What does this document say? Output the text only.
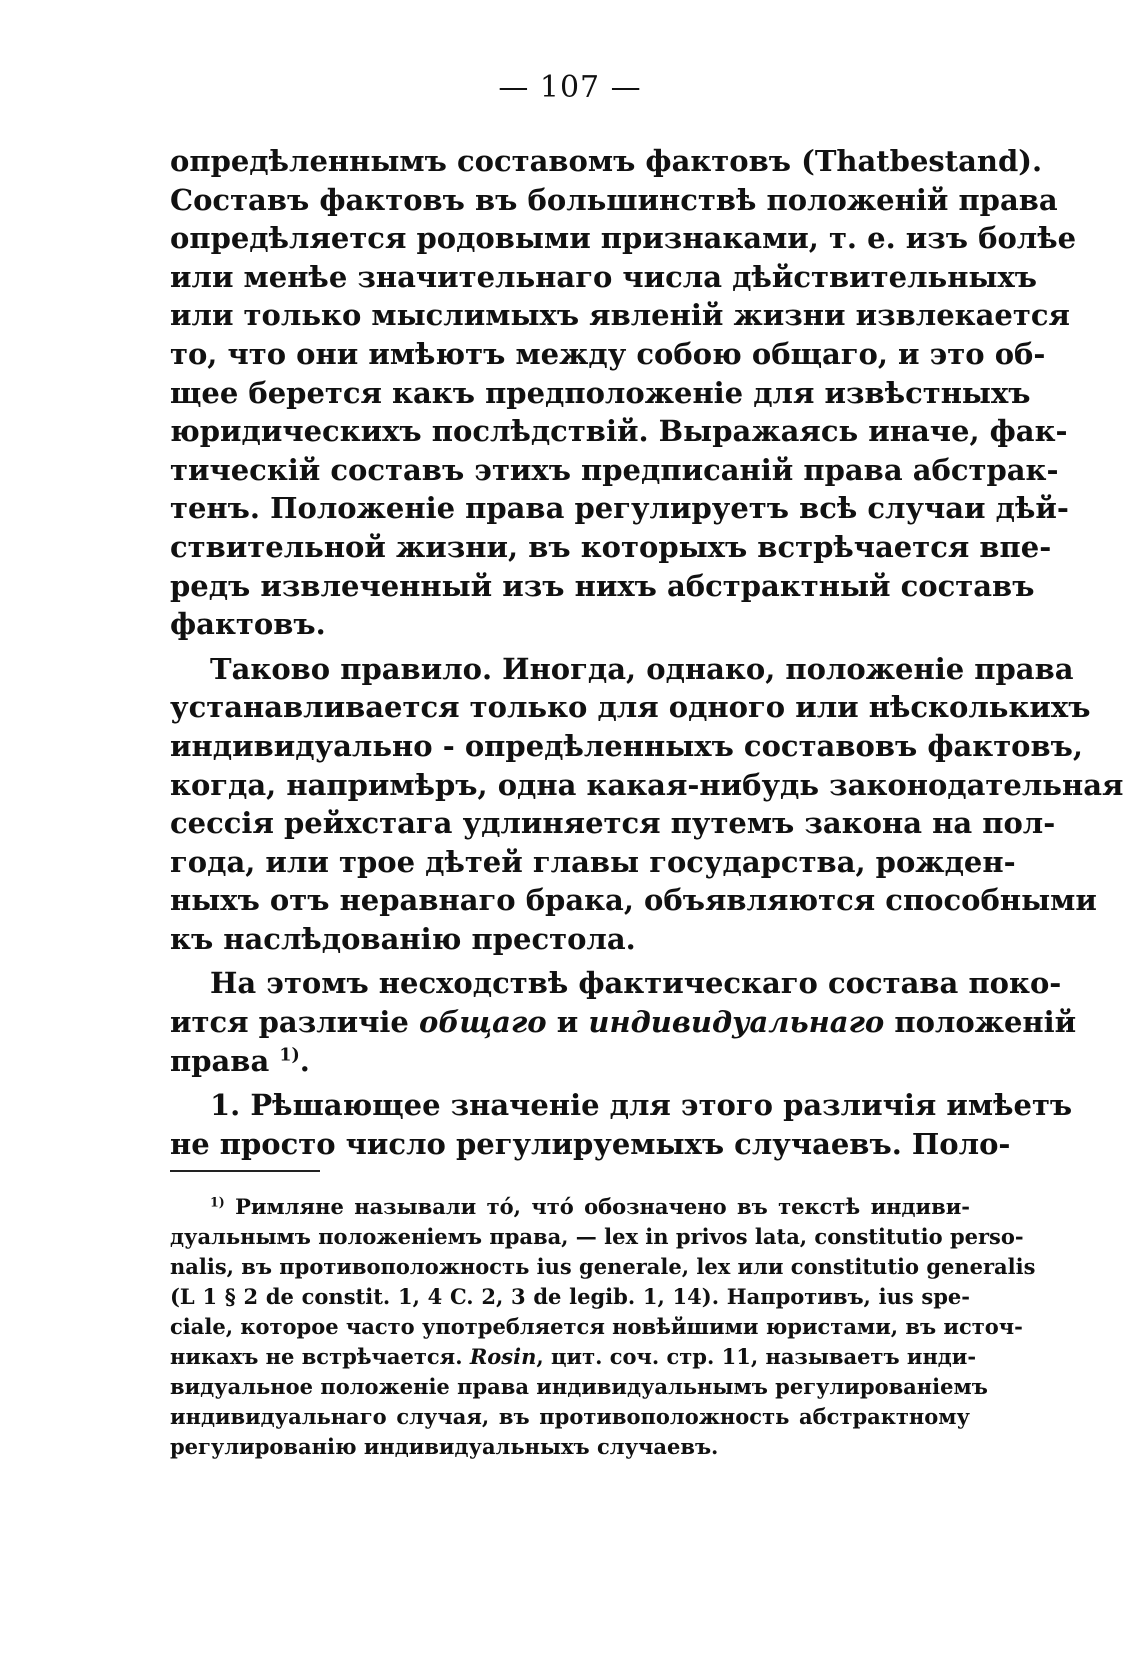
— 107 —
опредѣленнымъ составомъ фактовъ (Thatbestand).
Составъ фактовъ въ большинствѣ положеній права
опредѣляется родовыми признаками, т. е. изъ болѣе
или менѣе значительнаго числа дѣйствительныхъ
или только мыслимыхъ явленій жизни извлекается
то, что они имѣютъ между собою общаго, и это об-
щее берется какъ предположеніе для извѣстныхъ
юридическихъ послѣдствій. Выражаясь иначе, фак-
тическій составъ этихъ предписаній права абстрак-
тенъ. Положеніе права регулируетъ всѣ случаи дѣй-
ствительной жизни, въ которыхъ встрѣчается впе-
редъ извлеченный изъ нихъ абстрактный составъ
фактовъ.
Таково правило. Иногда, однако, положеніе права
устанавливается только для одного или нѣсколькихъ
индивидуально - опредѣленныхъ составовъ фактовъ,
когда, напримѣръ, одна какая-нибудь законодательная
сессія рейхстага удлиняется путемъ закона на пол-
года, или трое дѣтей главы государства, рожден-
ныхъ отъ неравнаго брака, объявляются способными
къ наслѣдованію престола.
На этомъ несходствѣ фактическаго состава поко-
ится различіе общаго и индивидуальнаго положеній
права $^{1)}$.
1. Рѣшающее значеніе для этого различія имѣетъ
не просто число регулируемыхъ случаевъ. Поло-
$^{1)}$ Римляне называли тó, чтó обозначено въ текстѣ индиви-
дуальнымъ положеніемъ права, — lex in privos lata, constitutio perso-
nalis, въ противоположность ius generale, lex или constitutio generalis
(L 1 § 2 de constit. 1, 4 C. 2, 3 de legib. 1, 14). Напротивъ, ius spe-
ciale, которое часто употребляется новѣйшими юристами, въ источ-
никахъ не встрѣчается. Rosin, цит. соч. стр. 11, называетъ инди-
видуальное положеніе права индивидуальнымъ регулированіемъ
индивидуальнаго случая, въ противоположность абстрактному
регулированію индивидуальныхъ случаевъ.
